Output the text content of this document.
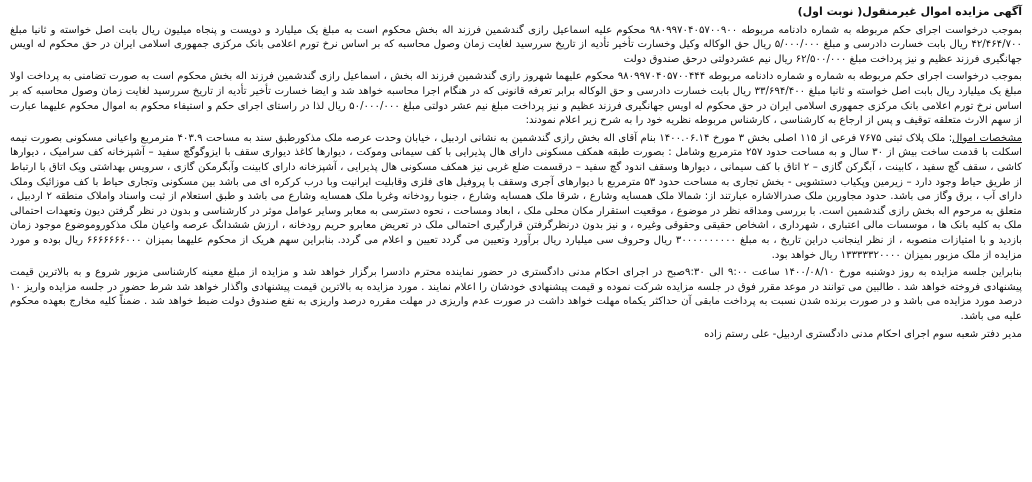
آگهی مزایده اموال غیرمنقول( نوبت اول)
بموجب درخواست اجرای حکم مربوطه به شماره دادنامه مربوطه ۹۸۰۹۹۷۰۴۰۵۷۰۰۹۰۰ محکوم علیه اسماعیل رازی گندشمین فرزند اله بخش محکوم است به مبلغ یک میلیارد و دویست و پنجاه میلیون ریال بابت اصل خواسته و ثانیا مبلغ ۴۲/۴۶۴/۷۰۰ ریال بابت خسارت دادرسی و مبلغ ۵/۰۰۰/۰۰۰ ریال حق الوکاله وکیل وخسارت تأخیر تأدیه از تاریخ سررسید لغایت زمان وصول محاسبه که بر اساس نرخ تورم اعلامی بانک مرکزی جمهوری اسلامی ایران در حق محکوم له اویس جهانگیری فرزند عظیم و نیز پرداخت مبلغ ۶۲/۵۰۰/۰۰۰ ریال نیم عشردولتی درحق صندوق دولت
بموجب درخواست اجرای حکم مربوطه به شماره و شماره دادنامه مربوطه ۹۸۰۹۹۷۰۴۰۵۷۰۰۴۴۴ محکوم علیهما شهروز رازی گندشمین فرزند اله بخش ، اسماعیل رازی گندشمین فرزند اله بخش محکوم است به صورت تضامنی به پرداخت اولا مبلغ یک میلیارد ریال بابت اصل خواسته و ثانیا مبلغ ۳۳/۶۹۴/۴۰۰ ریال بابت خسارت دادرسی و حق الوکاله برابر تعرفه قانونی که در هنگام اجرا محاسبه خواهد شد و ایضا خسارت تأخیر تأدیه از تاریخ سررسید لغایت زمان وصول محاسبه که بر اساس نرخ تورم اعلامی بانک مرکزی جمهوری اسلامی ایران در حق محکوم له اویس جهانگیری فرزند عظیم و نیز پرداخت مبلغ نیم عشر دولتی مبلغ ۵۰/۰۰۰/۰۰۰ ریال لذا در راستای اجرای حکم و استیفاء محکوم به اموال محکوم علیهما عبارت از سهم الارث متعلقه توقیف و پس از ارجاع به کارشناسی ، کارشناس مربوطه نظریه خود را به شرح زیر اعلام نمودند:
مشخصات اموال: ملک پلاک ثبتی ۷۶۷۵ فرعی از ۱۱۵ اصلی بخش ۳ مورخ ۱۴۰۰.۰۶.۱۴ بنام آقای اله بخش رازی گندشمین به نشانی اردبیل ، خیابان وحدت عرصه ملک مذکورطبق سند به مساحت ۴۰۳.۹ مترمربع واعیانی مسکونی بصورت نیمه اسکلت با قدمت ساخت بیش از ۳۰ سال و به مساحت حدود ۲۵۷ مترمربع وشامل : بصورت طبقه همکف مسکونی دارای هال پذیرایی با کف سیمانی وموکت ، دیوارها کاغذ دیواری سقف با ایزوگوگچ سفید – آشپزخانه کف سرامیک ، دیوارها کاشی ، سقف گچ سفید ، کابینت ، آبگرکن گازی – ۲ اتاق با کف سیمانی ، دیوارها وسقف اندود گچ سفید – درقسمت ضلع غربی نیز همکف مسکونی هال پذیرایی ، آشپزخانه دارای کابینت وآبگرمکن گازی ، سرویس بهداشتی ویک اتاق با ارتباط از طریق حیاط وجود دارد – زیرمین وپکیاب دستشویی - بخش تجاری به مساحت حدود ۵۳ مترمربع با دیوارهای آجری وسقف با پروفیل های فلزی وقابلیت ایرانیت وبا درب کرکره ای می باشد بین مسکونی وتجاری حیاط با کف موزائیک وملک دارای آب ، برق وگاز می باشد. حدود مجاورین ملک صدرالاشاره عبارتند از: شمالا ملک همسایه وشارع ، شرقا ملک همسایه وشارع ، جنوبا رودخانه وغربا ملک همسایه وشارع می باشد و طبق استعلام از ثبت واسناد واملاک منطقه ۲ اردبیل ، متعلق به مرحوم اله بخش رازی گندشمین است. با بررسی ومداقه نظر در موضوع ، موقعیت استقرار مکان محلی ملک ، ابعاد ومساحت ، نحوه دسترسی به معابر وسایر عوامل موثر در کارشناسی و بدون در نظر گرفتن دیون وتعهدات احتمالی ملک به کلیه بانک ها ، موسسات مالی اعتباری ، شهرداری ، اشخاص حقیقی وحقوقی وغیره ، و نیز بدون درنظرگرفتن قرارگیری احتمالی ملک در تعریض معابرو حریم رودخانه ، ارزش ششدانگ عرصه واعیان ملک مذکوروموضوع موجود زمان بازدید و با امتیازات منصوبه ، از نظر اینجانب دراین تاریخ ، به مبلغ ۳۰۰۰۰۰۰۰۰۰۰ ریال وحروف سی میلیارد ریال برآورد وتعیین می گردد تعیین و اعلام می گردد. بنابراین سهم هریک از محکوم علیهما بمیزان ۶۶۶۶۶۶۶۰۰۰ ریال بوده و مورد مزایده از ملک مزبور بمیزان ۱۳۳۳۳۳۲۰۰۰۰ ریال خواهد بود.
بنابراین جلسه مزایده به روز دوشنبه مورخ ۱۴۰۰/۰۸/۱۰ ساعت ۹:۰۰ الی ۹:۳۰صبح در اجرای احکام مدنی دادگستری در حضور نماینده محترم دادسرا برگزار خواهد شد و مزایده از مبلغ معینه کارشناسی مزبور شروع و به بالاترین قیمت پیشنهادی فروخته خواهد شد . طالبین می توانند در موعد مقرر فوق در جلسه مزایده شرکت نموده و قیمت پیشنهادی خودشان را اعلام نمایند . مورد مزایده به بالاترین قیمت پیشنهادی واگذار خواهد شد شرط حضور در جلسه مزایده واریز ۱۰ درصد مورد مزایده می باشد و در صورت برنده شدن نسبت به پرداخت مابقی آن حداکثر یکماه مهلت خواهد داشت در صورت عدم واریزی در مهلت مقرره درصد واریزی به نفع صندوق دولت ضبط خواهد شد . ضمناً کلیه مخارج بعهده محکوم علیه می باشد.
مدیر دفتر شعبه سوم اجرای احکام مدنی دادگستری اردبیل- علی رستم زاده
